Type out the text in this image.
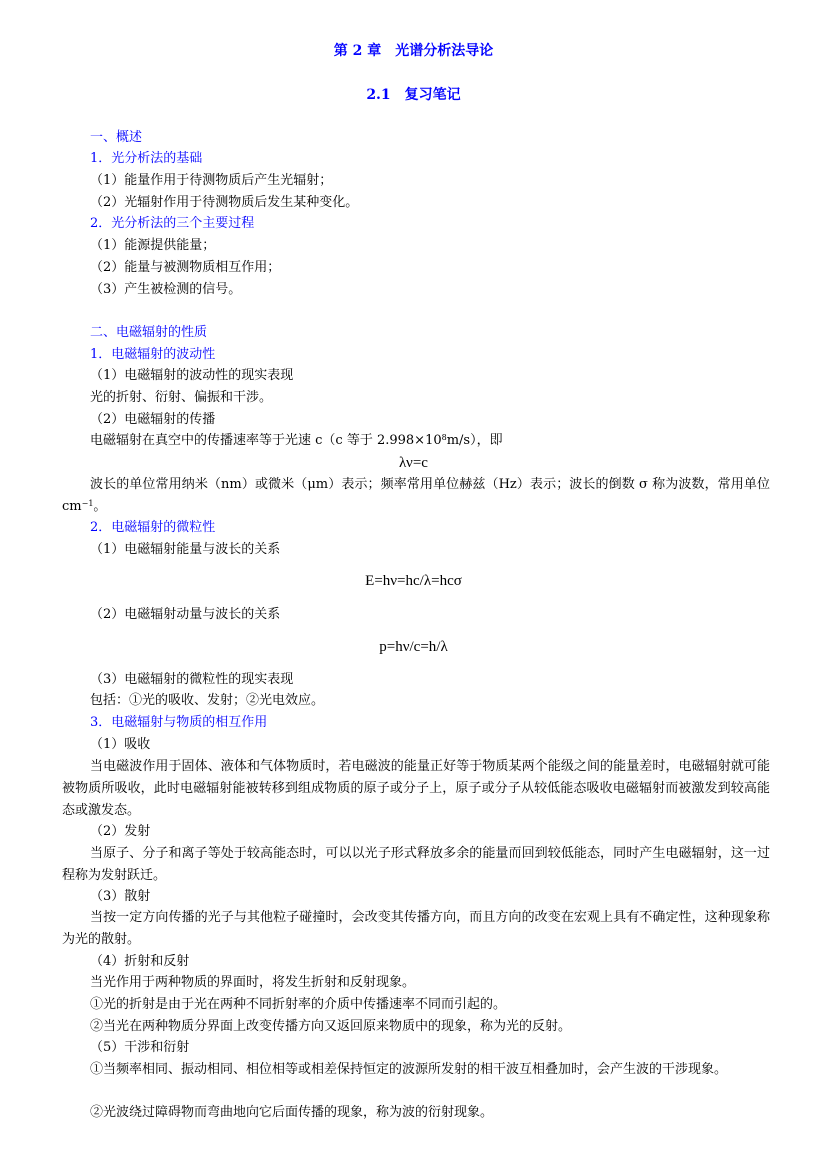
第 2 章　光谱分析法导论
2.1　复习笔记
一、概述
1．光分析法的基础
（1）能量作用于待测物质后产生光辐射；
（2）光辐射作用于待测物质后发生某种变化。
2．光分析法的三个主要过程
（1）能源提供能量；
（2）能量与被测物质相互作用；
（3）产生被检测的信号。
二、电磁辐射的性质
1．电磁辐射的波动性
（1）电磁辐射的波动性的现实表现
光的折射、衍射、偏振和干涉。
（2）电磁辐射的传播
电磁辐射在真空中的传播速率等于光速 c（c 等于 $2.998\times 10^8m/s$），即
λν=c
波长的单位常用纳米（nm）或微米（μm）表示；频率常用单位赫兹（Hz）表示；波长的倒数 σ 称为波数，常用单位 $cm^{-1}$。
2．电磁辐射的微粒性
（1）电磁辐射能量与波长的关系
E=hν=hc/λ=hcσ
（2）电磁辐射动量与波长的关系
p=hν/c=h/λ
（3）电磁辐射的微粒性的现实表现
包括：①光的吸收、发射；②光电效应。
3．电磁辐射与物质的相互作用
（1）吸收
当电磁波作用于固体、液体和气体物质时，若电磁波的能量正好等于物质某两个能级之间的能量差时，电磁辐射就可能被物质所吸收，此时电磁辐射能被转移到组成物质的原子或分子上，原子或分子从较低能态吸收电磁辐射而被激发到较高能态或激发态。
（2）发射
当原子、分子和离子等处于较高能态时，可以以光子形式释放多余的能量而回到较低能态，同时产生电磁辐射，这一过程称为发射跃迁。
（3）散射
当按一定方向传播的光子与其他粒子碰撞时，会改变其传播方向，而且方向的改变在宏观上具有不确定性，这种现象称为光的散射。
（4）折射和反射
当光作用于两种物质的界面时，将发生折射和反射现象。
①光的折射是由于光在两种不同折射率的介质中传播速率不同而引起的。
②当光在两种物质分界面上改变传播方向又返回原来物质中的现象，称为光的反射。
（5）干涉和衍射
①当频率相同、振动相同、相位相等或相差保持恒定的波源所发射的相干波互相叠加时，会产生波的干涉现象。
②光波绕过障碍物而弯曲地向它后面传播的现象，称为波的衍射现象。
